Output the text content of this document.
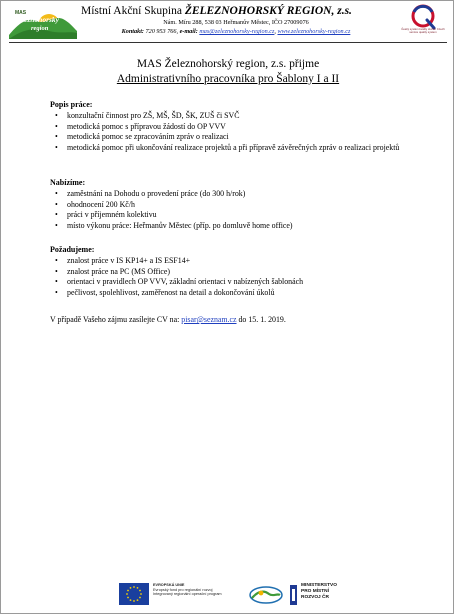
MAS
Železnohorský
region
Místní Akční Skupina ŽELEZNOHORSKÝ REGION, z.s.
Nám. Míru 288, 538 03 Heřmanův Městec, IČO 27009076
Kontakt: 720 953 766, e-mail: mas@zeleznohorsky-region.cz, www.zeleznohorsky-region.cz	Český systém kvality služeb Czech service quality system
MAS Železnohorský region, z.s. přijme
Administrativního pracovníka pro Šablony I a II
Popis práce:
• konzultační činnost pro ZŠ, MŠ, ŠD, ŠK, ZUŠ či SVČ
• metodická pomoc s přípravou žádostí do OP VVV
• metodická pomoc se zpracováním zpráv o realizaci
• metodická pomoc při ukončování realizace projektů a při přípravě závěrečných zpráv o realizaci projektů
Nabízíme:
• zaměstnání na Dohodu o provedení práce (do 300 h/rok)
• ohodnocení 200 Kč/h
• práci v příjemném kolektivu
• místo výkonu práce: Heřmanův Městec (příp. po domluvě home office)
Požadujeme:
• znalost práce v IS KP14+ a IS ESF14+
• znalost práce na PC (MS Office)
• orientaci v pravidlech OP VVV, základní orientaci v nabízených šablonách
• pečlivost, spolehlivost, zaměřenost na detail a dokončování úkolů
V případě Vašeho zájmu zasílejte CV na: pisar@seznam.cz do 15. 1. 2019.
EVROPSKÁ UNIE
Evropský fond pro regionální rozvoj
Integrovaný regionální operační program
MINISTERSTVO
PRO MÍSTNÍ
ROZVOJ ČR
